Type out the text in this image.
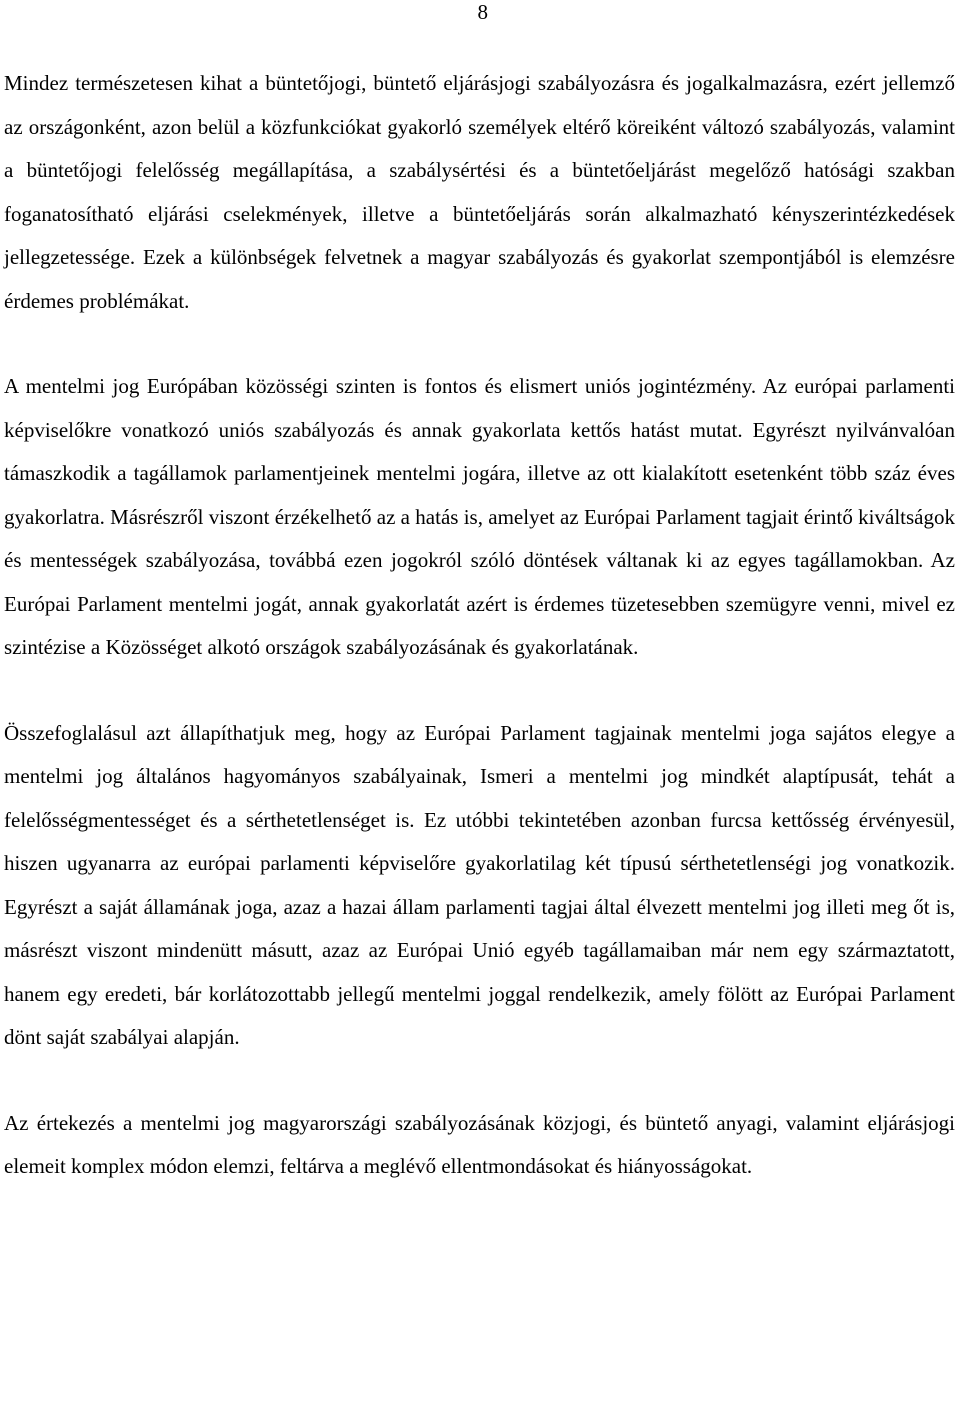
8

Mindez természetesen kihat a büntetőjogi, büntető eljárásjogi szabályozásra és jogalkalmazásra, ezért jellemző az országonként, azon belül a közfunkciókat gyakorló személyek eltérő köreiként változó szabályozás, valamint a büntetőjogi felelősség megállapítása, a szabálysértési és a büntetőeljárást megelőző hatósági szakban foganatosítható eljárási cselekmények, illetve a büntetőeljárás során alkalmazható kényszerintézkedések jellegzetessége. Ezek a különbségek felvetnek a magyar szabályozás és gyakorlat szempontjából is elemzésre érdemes problémákat.

A mentelmi jog Európában közösségi szinten is fontos és elismert uniós jogintézmény. Az európai parlamenti képviselőkre vonatkozó uniós szabályozás és annak gyakorlata kettős hatást mutat. Egyrészt nyilvánvalóan támaszkodik a tagállamok parlamentjeinek mentelmi jogára, illetve az ott kialakított esetenként több száz éves gyakorlatra. Másrészről viszont érzékelhető az a hatás is, amelyet az Európai Parlament tagjait érintő kiváltságok és mentességek szabályozása, továbbá ezen jogokról szóló döntések váltanak ki az egyes tagállamokban. Az Európai Parlament mentelmi jogát, annak gyakorlatát azért is érdemes tüzetesebben szemügyre venni, mivel ez szintézise a Közösséget alkotó országok szabályozásának és gyakorlatának.

Összefoglalásul azt állapíthatjuk meg, hogy az Európai Parlament tagjainak mentelmi joga sajátos elegye a mentelmi jog általános hagyományos szabályainak, Ismeri a mentelmi jog mindkét alaptípusát, tehát a felelősségmentességet és a sérthetetlenséget is. Ez utóbbi tekintetében azonban furcsa kettősség érvényesül, hiszen ugyanarra az európai parlamenti képviselőre gyakorlatilag két típusú sérthetetlenségi jog vonatkozik. Egyrészt a saját államának joga, azaz a hazai állam parlamenti tagjai által élvezett mentelmi jog illeti meg őt is, másrészt viszont mindenütt másutt, azaz az Európai Unió egyéb tagállamaiban már nem egy származtatott, hanem egy eredeti, bár korlátozottabb jellegű mentelmi joggal rendelkezik, amely fölött az Európai Parlament dönt saját szabályai alapján.

Az értekezés a mentelmi jog magyarországi szabályozásának közjogi, és büntető anyagi, valamint eljárásjogi elemeit komplex módon elemzi, feltárva a meglévő ellentmondásokat és hiányosságokat.
